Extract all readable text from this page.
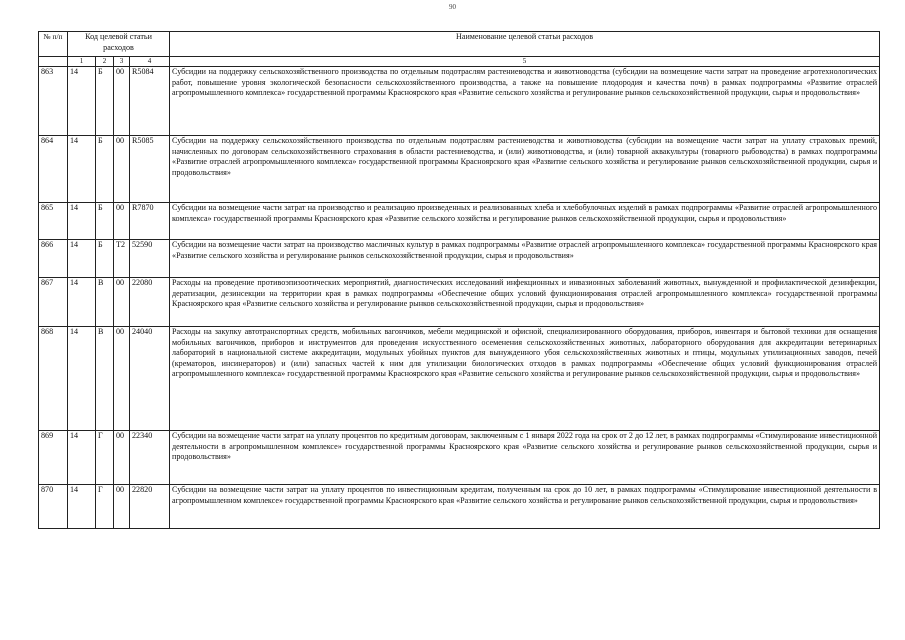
90
№ п/п	Код целевой статьи расходов				Наименование целевой статьи расходов

	1	2	3	4	5
863	14	Б	00	R5084	Субсидии на поддержку сельскохозяйственного производства по отдельным подотраслям растениеводства и животноводства (субсидии на возмещение части затрат на проведение агротехнологических работ, повышение уровня экологической безопасности сельскохозяйственного производства, а также на повышение плодородия и качества почв) в рамках подпрограммы «Развитие отраслей агропромышленного комплекса» государственной программы Красноярского края «Развитие сельского хозяйства и регулирование рынков сельскохозяйственной продукции, сырья и продовольствия»
864	14	Б	00	R5085	Субсидии на поддержку сельскохозяйственного производства по отдельным подотраслям растениеводства и животноводства (субсидии на возмещение части затрат на уплату страховых премий, начисленных по договорам сельскохозяйственного страхования в области растениеводства, и (или) животноводства, и (или) товарной аквакультуры (товарного рыбоводства) в рамках подпрограммы «Развитие отраслей агропромышленного комплекса» государственной программы Красноярского края «Развитие сельского хозяйства и регулирование рынков сельскохозяйственной продукции, сырья и продовольствия»
865	14	Б	00	R7870	Субсидии на возмещение части затрат на производство и реализацию произведенных и реализованных хлеба и хлебобулочных изделий в рамках подпрограммы «Развитие отраслей агропромышленного комплекса» государственной программы Красноярского края «Развитие сельского хозяйства и регулирование рынков сельскохозяйственной продукции, сырья и продовольствия»
866	14	Б	Т2	52590	Субсидии на возмещение части затрат на производство масличных культур в рамках подпрограммы «Развитие отраслей агропромышленного комплекса» государственной программы Красноярского края «Развитие сельского хозяйства и регулирование рынков сельскохозяйственной продукции, сырья и продовольствия»
867	14	В	00	22080	Расходы на проведение противоэпизоотических мероприятий, диагностических исследований инфекционных и инвазионных заболеваний животных, вынужденной и профилактической дезинфекции, дератизации, дезинсекции на территории края в рамках подпрограммы «Обеспечение общих условий функционирования отраслей агропромышленного комплекса» государственной программы Красноярского края «Развитие сельского хозяйства и регулирование рынков сельскохозяйственной продукции, сырья и продовольствия»
868	14	В	00	24040	Расходы на закупку автотранспортных средств, мобильных вагончиков, мебели медицинской и офисной, специализированного оборудования, приборов, инвентаря и бытовой техники для оснащения мобильных вагончиков, приборов и инструментов для проведения искусственного осеменения сельскохозяйственных животных, лабораторного оборудования для аккредитации ветеринарных лабораторий в национальной системе аккредитации, модульных убойных пунктов для вынужденного убоя сельскохозяйственных животных и птицы, модульных утилизационных заводов, печей (крематоров, инсинераторов) и (или) запасных частей к ним для утилизации биологических отходов в рамках подпрограммы «Обеспечение общих условий функционирования отраслей агропромышленного комплекса» государственной программы Красноярского края «Развитие сельского хозяйства и регулирование рынков сельскохозяйственной продукции, сырья и продовольствия»
869	14	Г	00	22340	Субсидии на возмещение части затрат на уплату процентов по кредитным договорам, заключенным с 1 января 2022 года на срок от 2 до 12 лет, в рамках подпрограммы «Стимулирование инвестиционной деятельности в агропромышленном комплексе» государственной программы Красноярского края «Развитие сельского хозяйства и регулирование рынков сельскохозяйственной продукции, сырья и продовольствия»
870	14	Г	00	22820	Субсидии на возмещение части затрат на уплату процентов по инвестиционным кредитам, полученным на срок до 10 лет, в рамках подпрограммы «Стимулирование инвестиционной деятельности в агропромышленном комплексе» государственной программы Красноярского края «Развитие сельского хозяйства и регулирование рынков сельскохозяйственной продукции, сырья и продовольствия»
